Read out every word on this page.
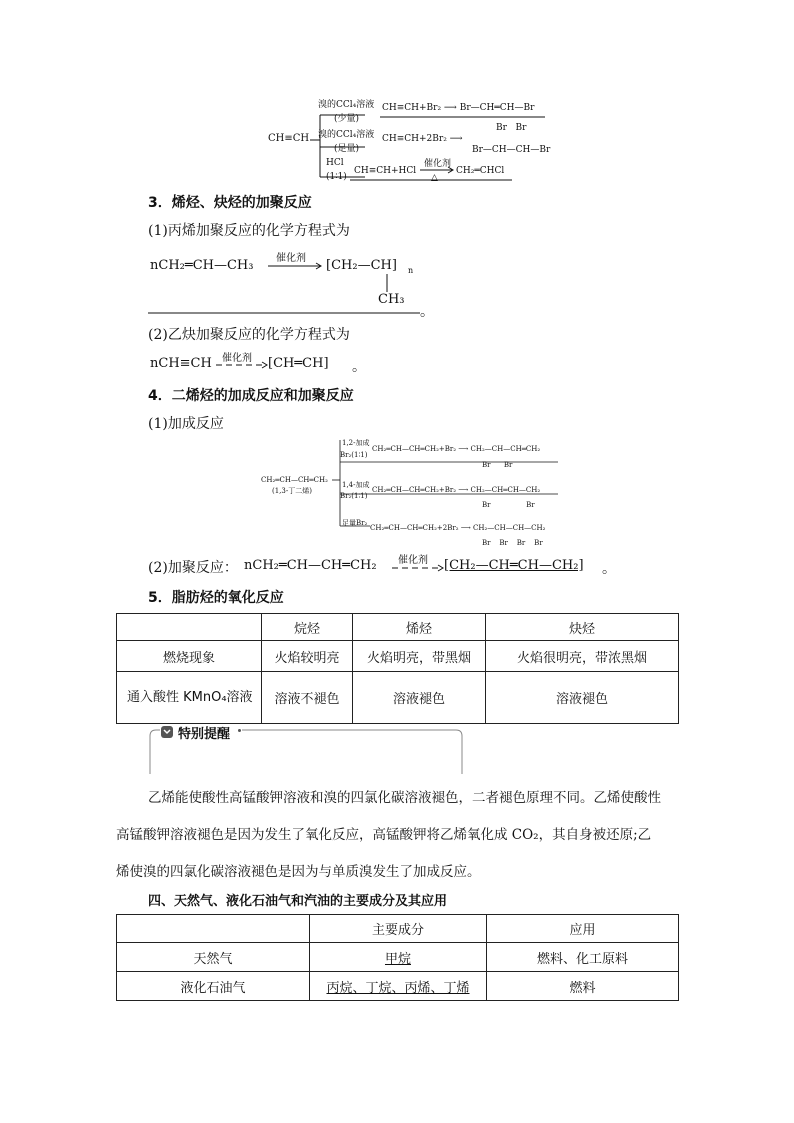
CH≡CH
溴的CCl₄溶液
(少量)
CH≡CH+Br₂ ⟶ Br—CH═CH—Br
溴的CCl₄溶液
(足量)
CH≡CH+2Br₂ ⟶
Br   Br
Br—CH—CH—Br
HCl
(1∶1)
CH≡CH+HCl
催化剂
△
CH₂═CHCl
3．烯烃、炔烃的加聚反应
(1)丙烯加聚反应的化学方程式为
nCH₂═CH—CH₃ 催化剂 [CH₂—CH] n
CH₃
。
(2)乙炔加聚反应的化学方程式为
nCH≡CH 催化剂 [CH═CH] 。
4．二烯烃的加成反应和加聚反应
(1)加成反应
CH₂═CH—CH═CH₂
(1,3-丁二烯)
1,2-加成
Br₂(1∶1)
CH₂═CH—CH═CH₂+Br₂ ⟶ CH₂—CH—CH═CH₂
Br      Br
1,4-加成
Br₂(1∶1)
CH₂═CH—CH═CH₂+Br₂ ⟶ CH₂—CH═CH—CH₂
Br                Br
足量Br₂
CH₂═CH—CH═CH₂+2Br₂ ⟶ CH₂—CH—CH—CH₂
Br    Br    Br    Br
(2)加聚反应： nCH₂═CH—CH═CH₂ 催化剂 [CH₂—CH═CH—CH₂] 。
5．脂肪烃的氧化反应
	烷烃	烯烃	炔烃
燃烧现象	火焰较明亮	火焰明亮，带黑烟	火焰很明亮，带浓黑烟
通入酸性 KMnO₄溶液	溶液不褪色	溶液褪色	溶液褪色
特别提醒
乙烯能使酸性高锰酸钾溶液和溴的四氯化碳溶液褪色，二者褪色原理不同。乙烯使酸性
高锰酸钾溶液褪色是因为发生了氧化反应，高锰酸钾将乙烯氧化成 CO₂，其自身被还原;乙
烯使溴的四氯化碳溶液褪色是因为与单质溴发生了加成反应。
四、天然气、液化石油气和汽油的主要成分及其应用
	主要成分	应用
天然气	甲烷	燃料、化工原料
液化石油气	丙烷、丁烷、丙烯、丁烯	燃料
